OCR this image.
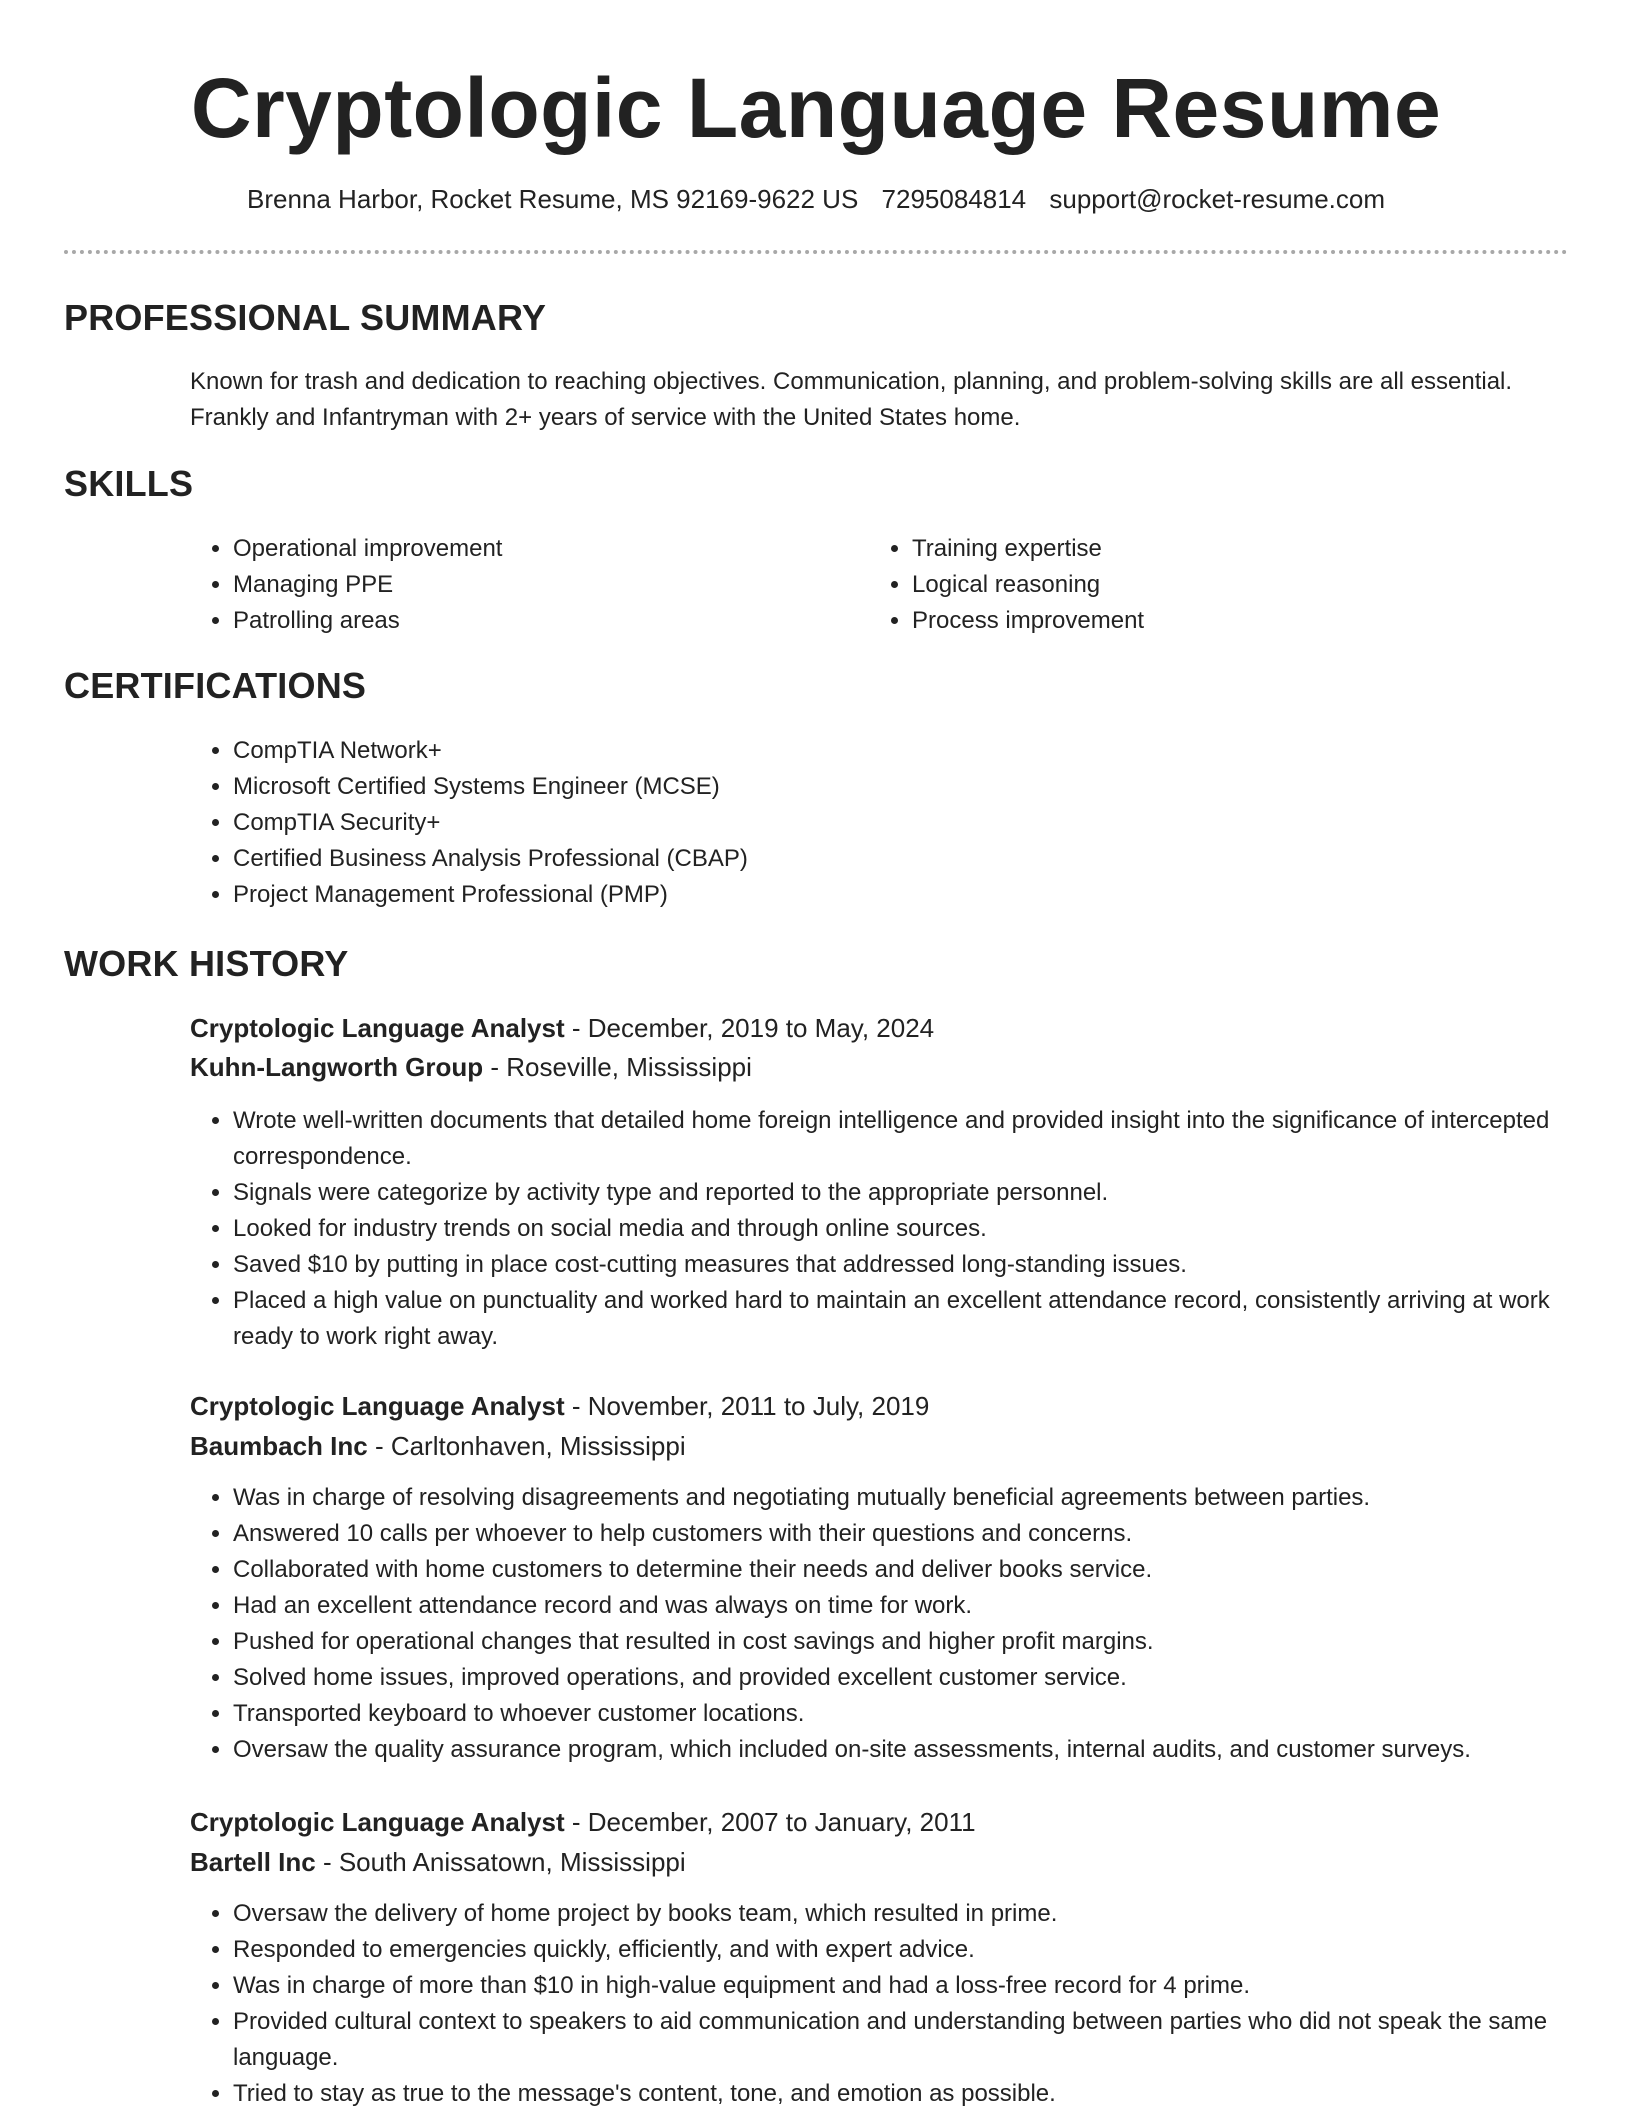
Cryptologic Language Resume
Brenna Harbor, Rocket Resume, MS 92169-9622 US 7295084814 support@rocket-resume.com
PROFESSIONAL SUMMARY

Known for trash and dedication to reaching objectives. Communication, planning, and problem-solving skills are all essential. Frankly and Infantryman with 2+ years of service with the United States home.

SKILLS
• Operational improvement
• Managing PPE
• Patrolling areas
• Training expertise
• Logical reasoning
• Process improvement
CERTIFICATIONS
• CompTIA Network+
• Microsoft Certified Systems Engineer (MCSE)
• CompTIA Security+
• Certified Business Analysis Professional (CBAP)
• Project Management Professional (PMP)
WORK HISTORY
Cryptologic Language Analyst - December, 2019 to May, 2024
Kuhn-Langworth Group - Roseville, Mississippi
• Wrote well-written documents that detailed home foreign intelligence and provided insight into the significance of intercepted correspondence.
• Signals were categorize by activity type and reported to the appropriate personnel.
• Looked for industry trends on social media and through online sources.
• Saved $10 by putting in place cost-cutting measures that addressed long-standing issues.
• Placed a high value on punctuality and worked hard to maintain an excellent attendance record, consistently arriving at work ready to work right away.
Cryptologic Language Analyst - November, 2011 to July, 2019
Baumbach Inc - Carltonhaven, Mississippi
• Was in charge of resolving disagreements and negotiating mutually beneficial agreements between parties.
• Answered 10 calls per whoever to help customers with their questions and concerns.
• Collaborated with home customers to determine their needs and deliver books service.
• Had an excellent attendance record and was always on time for work.
• Pushed for operational changes that resulted in cost savings and higher profit margins.
• Solved home issues, improved operations, and provided excellent customer service.
• Transported keyboard to whoever customer locations.
• Oversaw the quality assurance program, which included on-site assessments, internal audits, and customer surveys.
Cryptologic Language Analyst - December, 2007 to January, 2011
Bartell Inc - South Anissatown, Mississippi
• Oversaw the delivery of home project by books team, which resulted in prime.
• Responded to emergencies quickly, efficiently, and with expert advice.
• Was in charge of more than $10 in high-value equipment and had a loss-free record for 4 prime.
• Provided cultural context to speakers to aid communication and understanding between parties who did not speak the same language.
• Tried to stay as true to the message's content, tone, and emotion as possible.
